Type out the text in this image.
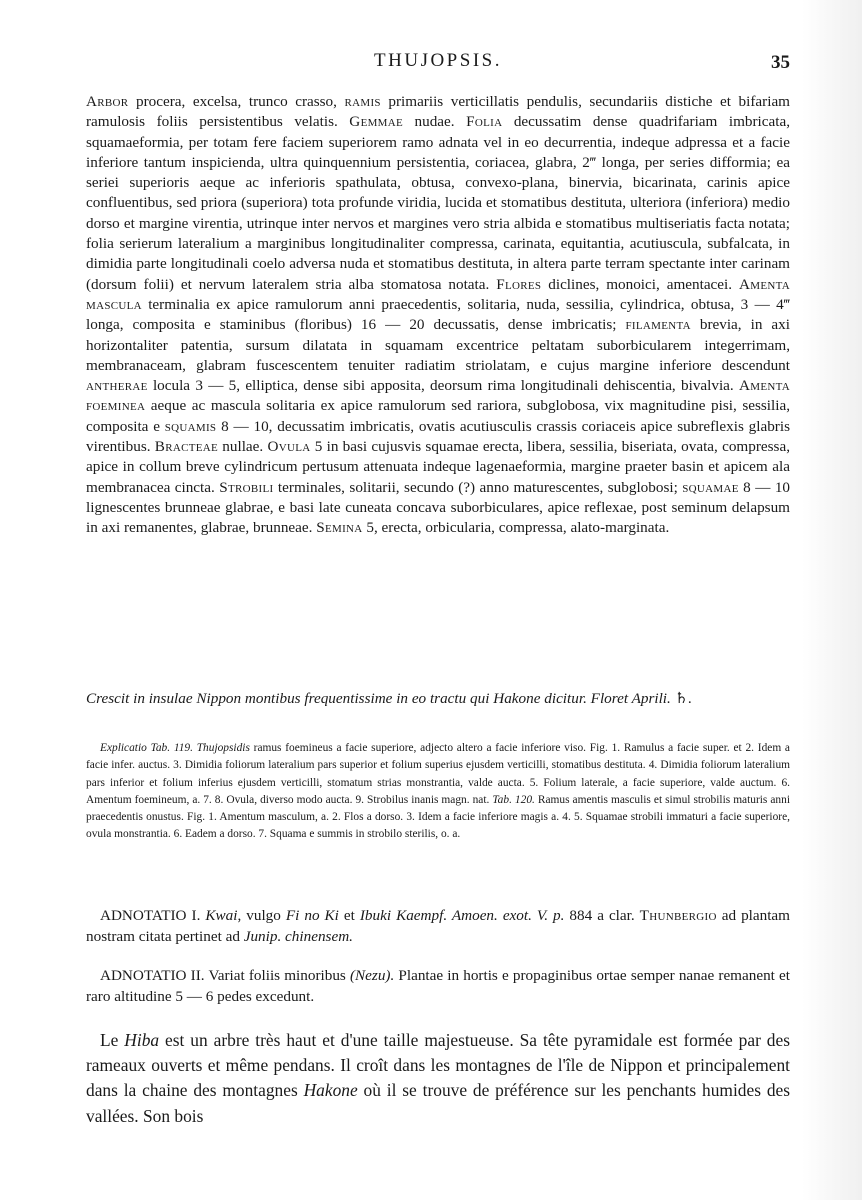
THUJOPSIS.	35

Arbor procera, excelsa, trunco crasso, ramis primariis verticillatis pendulis, secundariis distiche et bifariam ramulosis foliis persistentibus velatis. Gemmae nudae. Folia decussatim dense quadrifariam imbricata, squamaeformia, per totam fere faciem superiorem ramo adnata vel in eo decurrentia, indeque adpressa et a facie inferiore tantum inspicienda, ultra quinquennium persistentia, coriacea, glabra, 2‴ longa, per series difformia; ea seriei superioris aeque ac inferioris spathulata, obtusa, convexo-plana, binervia, bicarinata, carinis apice confluentibus, sed priora (superiora) tota profunde viridia, lucida et stomatibus destituta, ulteriora (inferiora) medio dorso et margine virentia, utrinque inter nervos et margines vero stria albida e stomatibus multiseriatis facta notata; folia serierum lateralium a marginibus longitudinaliter compressa, carinata, equitantia, acutiuscula, subfalcata, in dimidia parte longitudinali coelo adversa nuda et stomatibus destituta, in altera parte terram spectante inter carinam (dorsum folii) et nervum lateralem stria alba stomatosa notata. Flores diclines, monoici, amentacei. Amenta mascula terminalia ex apice ramulorum anni praecedentis, solitaria, nuda, sessilia, cylindrica, obtusa, 3 — 4‴ longa, composita e staminibus (floribus) 16 — 20 decussatis, dense imbricatis; filamenta brevia, in axi horizontaliter patentia, sursum dilatata in squamam excentrice peltatam suborbicularem integerrimam, membranaceam, glabram fuscescentem tenuiter radiatim striolatam, e cujus margine inferiore descendunt antherae loculа 3 — 5, elliptica, dense sibi apposita, deorsum rima longitudinali dehiscentia, bivalvia. Amenta foeminea aeque ac mascula solitaria ex apice ramulorum sed rariora, subglobosa, vix magnitudine pisi, sessilia, composita e squamis 8 — 10, decussatim imbricatis, ovatis acutiusculis crassis coriaceis apice subreflexis glabris virentibus. Bracteae nullae. Ovula 5 in basi cujusvis squamae erecta, libera, sessilia, biseriata, ovata, compressa, apice in collum breve cylindricum pertusum attenuata indeque lagenaeformia, margine praeter basin et apicem ala membranacea cincta. Strobili terminales, solitarii, secundo (?) anno maturescentes, subglobosi; squamae 8 — 10 lignescentes brunneae glabrae, e basi late cuneata concava suborbiculares, apice reflexae, post seminum delapsum in axi remanentes, glabrae, brunneae. Semina 5, erecta, orbicularia, compressa, alato-marginata.

Crescit in insulae Nippon montibus frequentissime in eo tractu qui Hakone dicitur. Floret Aprili. ♄.

Explicatio Tab. 119. Thujopsidis ramus foemineus a facie superiore, adjecto altero a facie inferiore viso. Fig. 1. Ramulus a facie super. et 2. Idem a facie infer. auctus. 3. Dimidia foliorum lateralium pars superior et folium superius ejusdem verticilli, stomatibus destituta. 4. Dimidia foliorum lateralium pars inferior et folium inferius ejusdem verticilli, stomatum strias monstrantia, valde aucta. 5. Folium laterale, a facie superiore, valde auctum. 6. Amentum foemineum, a. 7. 8. Ovula, diverso modo aucta. 9. Strobilus inanis magn. nat. Tab. 120. Ramus amentis masculis et simul strobilis maturis anni praecedentis onustus. Fig. 1. Amentum masculum, a. 2. Flos a dorso. 3. Idem a facie inferiore magis a. 4. 5. Squamae strobili immaturi a facie superiore, ovula monstrantia. 6. Eadem a dorso. 7. Squama e summis in strobilo sterilis, o. a.

ADNOTATIO I. Kwai, vulgo Fi no Ki et Ibuki Kaempf. Amoen. exot. V. p. 884 a clar. Thunbergio ad plantam nostram citata pertinet ad Junip. chinensem.

ADNOTATIO II. Variat foliis minoribus (Nezu). Plantae in hortis e propaginibus ortae semper nanae remanent et raro altitudine 5 — 6 pedes excedunt.

Le Hiba est un arbre très haut et d'une taille majestueuse. Sa tête pyramidale est formée par des rameaux ouverts et même pendans. Il croît dans les montagnes de l'île de Nippon et principalement dans la chaine des montagnes Hakone où il se trouve de préférence sur les penchants humides des vallées. Son bois
